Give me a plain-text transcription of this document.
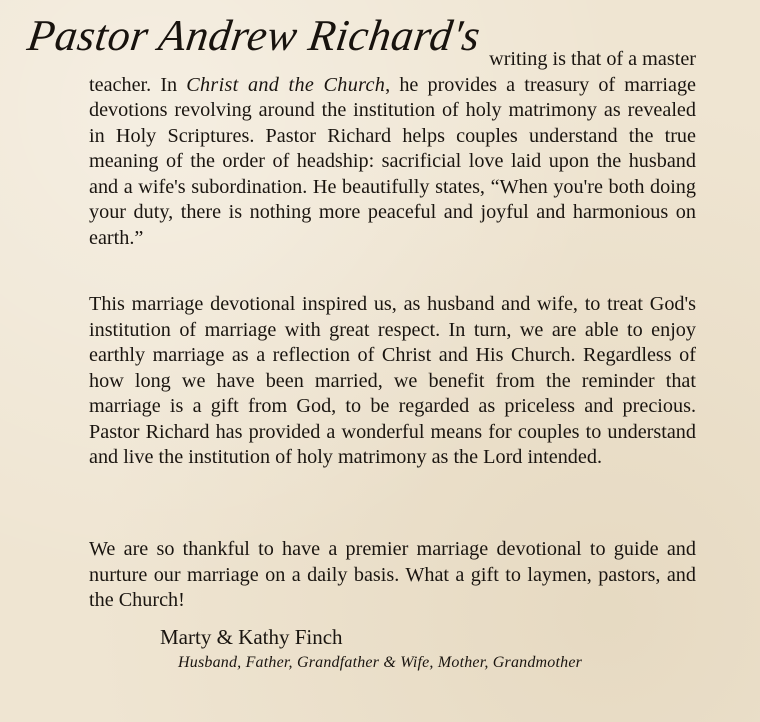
Pastor Andrew Richard's writing is that of a master

teacher. In Christ and the Church, he provides a treasury of marriage devotions revolving around the institution of holy matrimony as revealed in Holy Scriptures. Pastor Richard helps couples understand the true meaning of the order of headship: sacrificial love laid upon the husband and a wife's subordination. He beautifully states, “When you're both doing your duty, there is nothing more peaceful and joyful and harmonious on earth.”

This marriage devotional inspired us, as husband and wife, to treat God's institution of marriage with great respect. In turn, we are able to enjoy earthly marriage as a reflection of Christ and His Church. Regardless of how long we have been married, we benefit from the reminder that marriage is a gift from God, to be regarded as priceless and precious. Pastor Richard has provided a wonderful means for couples to understand and live the institution of holy matrimony as the Lord intended.

We are so thankful to have a premier marriage devotional to guide and nurture our marriage on a daily basis. What a gift to laymen, pastors, and the Church!

Marty & Kathy Finch
Husband, Father, Grandfather & Wife, Mother, Grandmother
